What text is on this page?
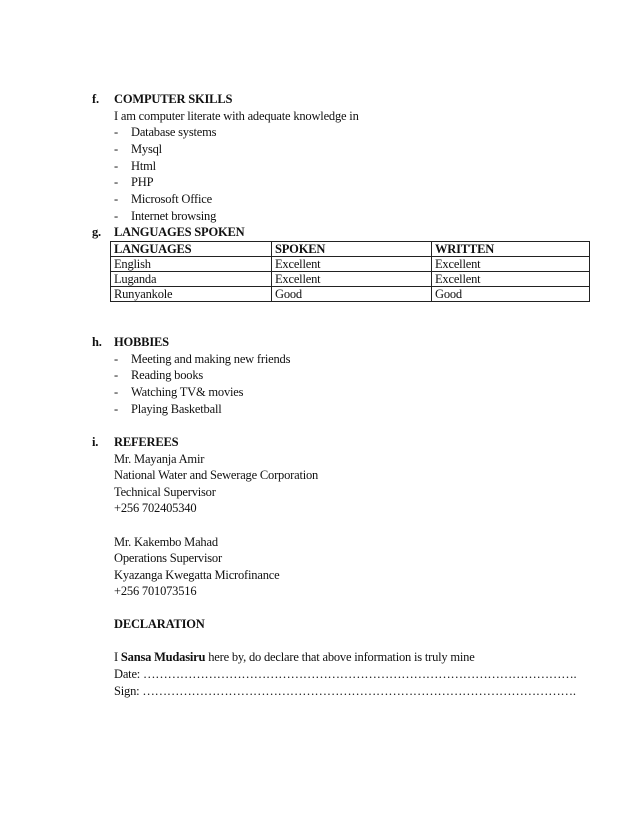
f. COMPUTER SKILLS
I am computer literate with adequate knowledge in
- Database systems
- Mysql
- Html
- PHP
- Microsoft Office
- Internet browsing
g. LANGUAGES SPOKEN
LANGUAGES	SPOKEN	WRITTEN
English	Excellent	Excellent
Luganda	Excellent	Excellent
Runyankole	Good	Good
h. HOBBIES
- Meeting and making new friends
- Reading books
- Watching TV& movies
- Playing Basketball
i. REFEREES
Mr. Mayanja Amir
National Water and Sewerage Corporation
Technical Supervisor
+256 702405340
Mr. Kakembo Mahad
Operations Supervisor
Kyazanga Kwegatta Microfinance
+256 701073516
DECLARATION
I Sansa Mudasiru here by, do declare that above information is truly mine
Date: …………………………………………………………………………………………….
Sign: …………………………………………………………………………………………….
